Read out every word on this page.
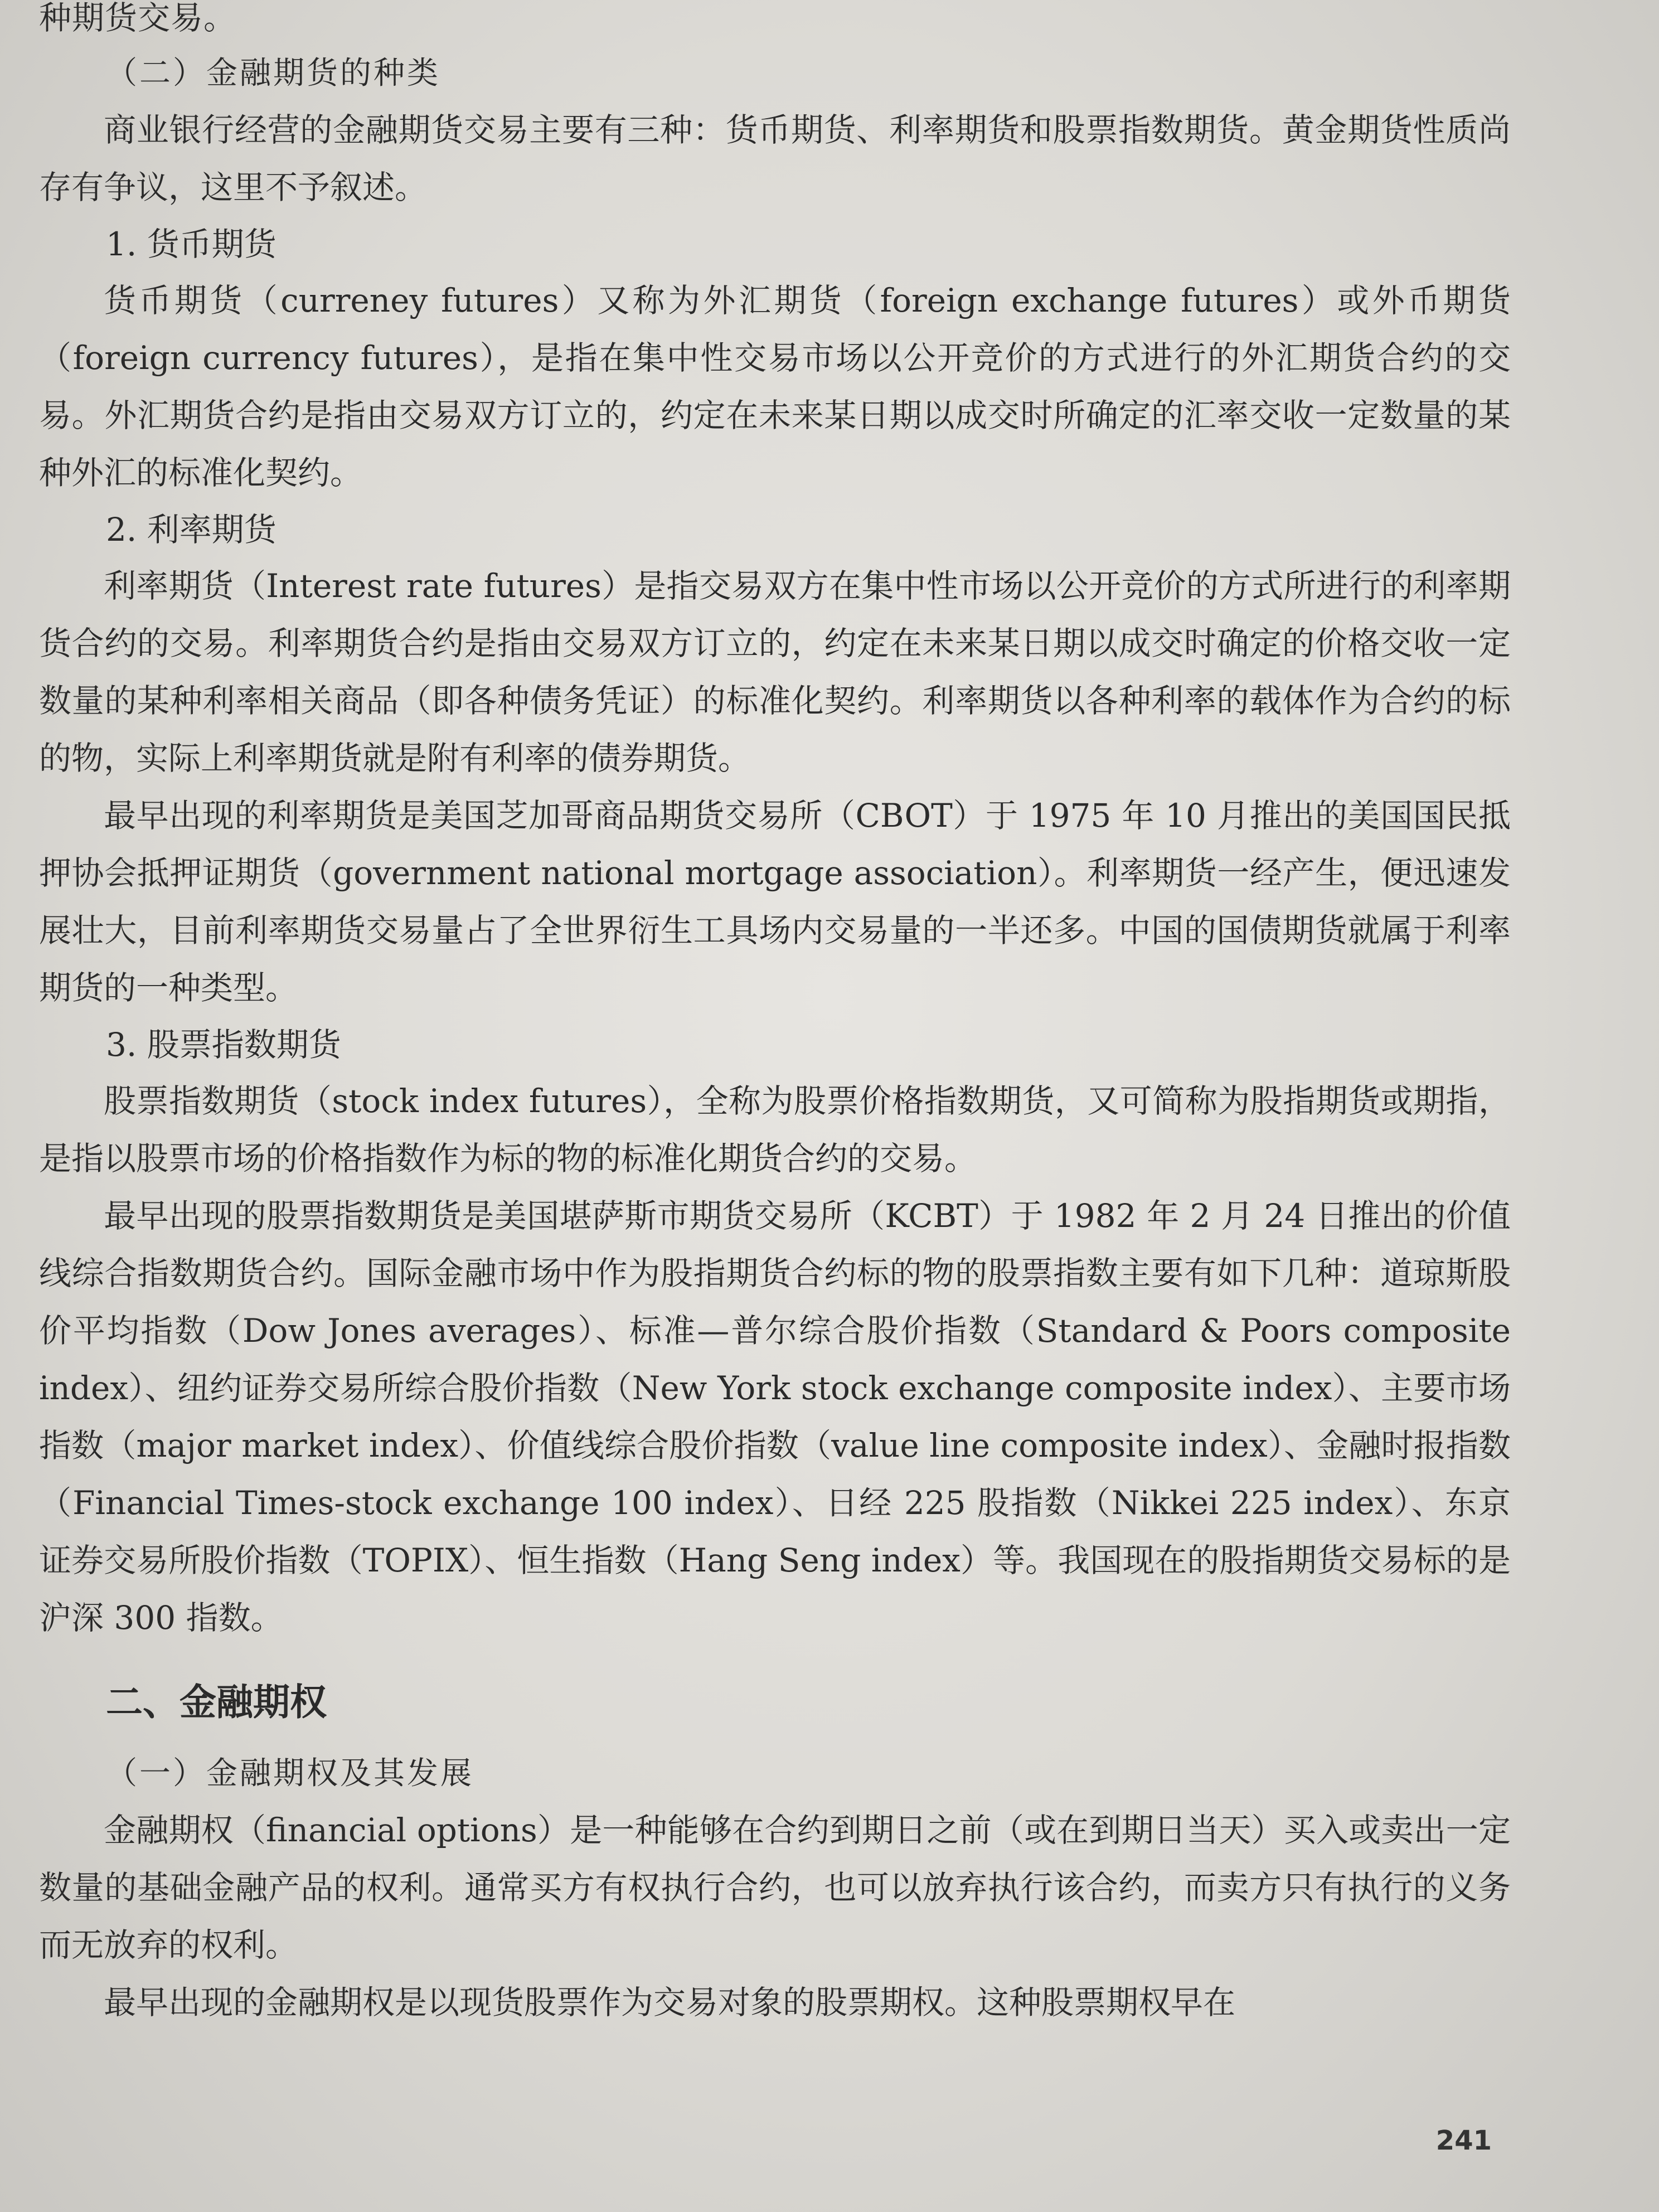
种期货交易。
（二）金融期货的种类

商业银行经营的金融期货交易主要有三种：货币期货、利率期货和股票指数期货。黄金期货性质尚存有争议，这里不予叙述。

1. 货币期货

货币期货（curreney futures）又称为外汇期货（foreign exchange futures）或外币期货（foreign currency futures），是指在集中性交易市场以公开竞价的方式进行的外汇期货合约的交易。外汇期货合约是指由交易双方订立的，约定在未来某日期以成交时所确定的汇率交收一定数量的某种外汇的标准化契约。

2. 利率期货

利率期货（Interest rate futures）是指交易双方在集中性市场以公开竞价的方式所进行的利率期货合约的交易。利率期货合约是指由交易双方订立的，约定在未来某日期以成交时确定的价格交收一定数量的某种利率相关商品（即各种债务凭证）的标准化契约。利率期货以各种利率的载体作为合约的标的物，实际上利率期货就是附有利率的债券期货。

最早出现的利率期货是美国芝加哥商品期货交易所（CBOT）于 1975 年 10 月推出的美国国民抵押协会抵押证期货（government national mortgage association）。利率期货一经产生，便迅速发展壮大，目前利率期货交易量占了全世界衍生工具场内交易量的一半还多。中国的国债期货就属于利率期货的一种类型。

3. 股票指数期货

股票指数期货（stock index futures），全称为股票价格指数期货，又可简称为股指期货或期指，是指以股票市场的价格指数作为标的物的标准化期货合约的交易。

最早出现的股票指数期货是美国堪萨斯市期货交易所（KCBT）于 1982 年 2 月 24 日推出的价值线综合指数期货合约。国际金融市场中作为股指期货合约标的物的股票指数主要有如下几种：道琼斯股价平均指数（Dow Jones averages）、标准—普尔综合股价指数（Standard & Poors composite index）、纽约证券交易所综合股价指数（New York stock exchange composite index）、主要市场指数（major market index）、价值线综合股价指数（value line composite index）、金融时报指数（Financial Times-stock exchange 100 index）、日经 225 股指数（Nikkei 225 index）、东京证券交易所股价指数（TOPIX）、恒生指数（Hang Seng index）等。我国现在的股指期货交易标的是沪深 300 指数。

二、金融期权
（一）金融期权及其发展

金融期权（financial options）是一种能够在合约到期日之前（或在到期日当天）买入或卖出一定数量的基础金融产品的权利。通常买方有权执行合约，也可以放弃执行该合约，而卖方只有执行的义务而无放弃的权利。

最早出现的金融期权是以现货股票作为交易对象的股票期权。这种股票期权早在

241
